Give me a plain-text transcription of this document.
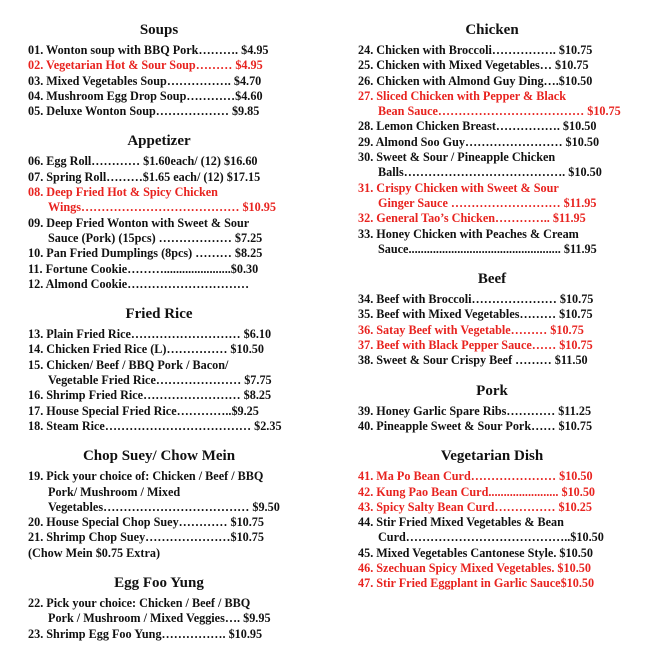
Soups
01. Wonton soup with BBQ Pork………. $4.95
02. Vegetarian Hot & Sour Soup……… $4.95
03. Mixed Vegetables Soup……………. $4.70
04. Mushroom Egg Drop Soup…………$4.60
05. Deluxe Wonton Soup……………… $9.85
Appetizer
06. Egg Roll………… $1.60each/ (12) $16.60
07. Spring Roll………$1.65 each/ (12) $17.15
08. Deep Fried Hot & Spicy Chicken
Wings………………………………… $10.95
09. Deep Fried Wonton with Sweet & Sour
Sauce (Pork) (15pcs) ……………… $7.25
10. Pan Fried Dumplings (8pcs) ……… $8.25
11. Fortune Cookie………......................$0.30
12. Almond Cookie…………………………
Fried Rice
13. Plain Fried Rice……………………… $6.10
14. Chicken Fried Rice (L)…………… $10.50
15. Chicken/ Beef / BBQ Pork / Bacon/
Vegetable Fried Rice………………… $7.75
16. Shrimp Fried Rice…………………… $8.25
17. House Special Fried Rice…………..$9.25
18. Steam Rice……………………………… $2.35
Chop Suey/ Chow Mein
19. Pick your choice of: Chicken / Beef / BBQ
Pork/ Mushroom / Mixed
Vegetables……………………………… $9.50
20. House Special Chop Suey………… $10.75
21. Shrimp Chop Suey…………………$10.75
(Chow Mein $0.75 Extra)
Egg Foo Yung
22. Pick your choice: Chicken / Beef / BBQ
Pork / Mushroom / Mixed Veggies…. $9.95
23. Shrimp Egg Foo Yung……………. $10.95
Chicken
24. Chicken with Broccoli……………. $10.75
25. Chicken with Mixed Vegetables… $10.75
26. Chicken with Almond Guy Ding….$10.50
27. Sliced Chicken with Pepper & Black
Bean Sauce……………………………… $10.75
28. Lemon Chicken Breast……………. $10.50
29. Almond Soo Guy…………………… $10.50
30. Sweet & Sour / Pineapple Chicken
Balls…………………………………. $10.50
31. Crispy Chicken with Sweet & Sour
Ginger Sauce ……………………… $11.95
32. General Tao’s Chicken………….. $11.95
33. Honey Chicken with Peaches & Cream
Sauce.................................................. $11.95
Beef
34. Beef with Broccoli………………… $10.75
35. Beef with Mixed Vegetables……… $10.75
36. Satay Beef with Vegetable……… $10.75
37. Beef with Black Pepper Sauce…… $10.75
38. Sweet & Sour Crispy Beef ……… $11.50
Pork
39. Honey Garlic Spare Ribs………… $11.25
40. Pineapple Sweet & Sour Pork…… $10.75
Vegetarian Dish
41. Ma Po Bean Curd………………… $10.50
42. Kung Pao Bean Curd....................... $10.50
43. Spicy Salty Bean Curd…………… $10.25
44. Stir Fried Mixed Vegetables & Bean
Curd…………………………………..$10.50
45. Mixed Vegetables Cantonese Style. $10.50
46. Szechuan Spicy Mixed Vegetables. $10.50
47. Stir Fried Eggplant in Garlic Sauce$10.50
